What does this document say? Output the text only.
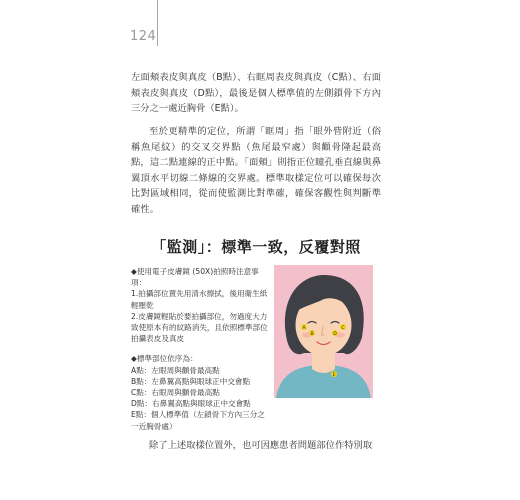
124

左面頰表皮與真皮（B點）、右眶周表皮與真皮（C點）、右面頰表皮與真皮（D點），最後是個人標準值的左側鎖骨下方內三分之一處近胸骨（E點）。

至於更精準的定位，所謂「眶周」指「眼外眥附近（俗稱魚尾紋）的交叉交界點（魚尾最窄處）與顴骨隆起最高點，這二點連線的正中點。「面頰」則指正位瞳孔垂直線與鼻翼頂水平切線二條線的交界處。標準取樣定位可以確保每次比對區域相同，從而使監測比對準確，確保客觀性與判斷準確性。

「監測」：標準一致，反覆對照
◆使用電子皮膚鏡 (50X)拍照時注意事項：
1.拍攝部位置先用清水擦拭，後用衛生紙輕壓乾
2.皮膚鏡輕貼於要拍攝部位，勿過度大力致使原本有的紋路消失，且依照標準部位拍攝表皮及真皮
◆標準部位依序為：
A點：左眼周與顴骨最高點
B點：左鼻翼高點與眼球正中交會點
C點：右眼周與顴骨最高點
D點：右鼻翼高點與眼球正中交會點
E點：個人標準值（左鎖骨下方內三分之一近胸骨處）
A
B
C
D
E

除了上述取樣位置外，也可因應患者問題部位作特別取
